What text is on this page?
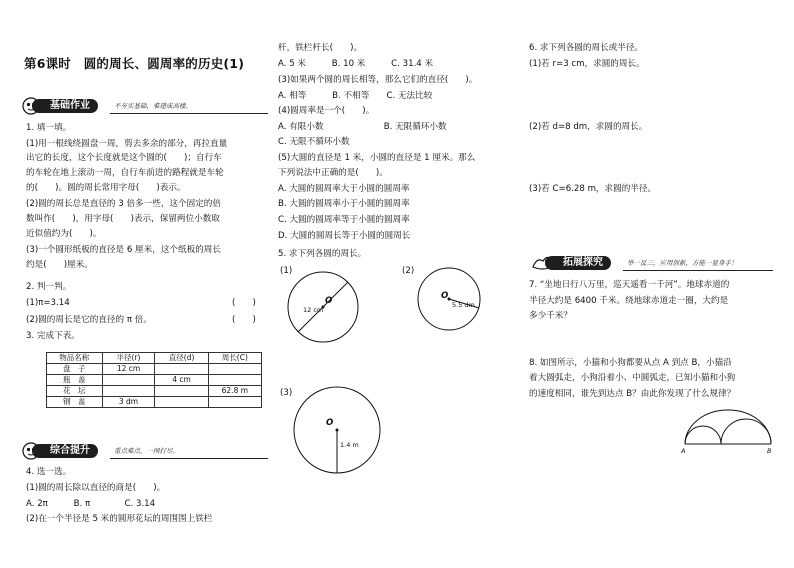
第6课时　圆的周长、圆周率的历史(1)
基础作业	不夯实基础，难建成高楼。
1. 填一填。
(1)用一根线绕圆盘一周，剪去多余的部分，再拉直量
出它的长度，这个长度就是这个圆的(　　)；自行车
的车轮在地上滚动一周，自行车前进的路程就是车轮
的(　　)。圆的周长常用字母(　　)表示。
(2)圆的周长总是直径的 3 倍多一些，这个固定的倍
数叫作(　　)，用字母(　　)表示，保留两位小数取
近似值约为(　　)。
(3)一个圆形纸板的直径是 6 厘米，这个纸板的周长
约是(　　)厘米。
2. 判一判。
(1)π=3.14	(　　)
(2)圆的周长是它的直径的 π 倍。	(　　)
3. 完成下表。
物品名称	半径(r)	直径(d)	周长(C)
盘　子	12 cm		
瓶　盖		4 cm	
花　坛			62.8 m
钢　盖	3 dm		
综合提升	重点难点，一网打尽。
4. 选一选。
(1)圆的周长除以直径的商是(　　)。
A. 2π　　　B. π　　　　C. 3.14
(2)在一个半径是 5 米的圆形花坛的周围围上铁栏
杆，铁栏杆长(　　)。
A. 5 米　　　B. 10 米　　　C. 31.4 米
(3)如果两个圆的周长相等，那么它们的直径(　　)。
A. 相等　　　B. 不相等　　C. 无法比较
(4)圆周率是一个(　　)。
A. 有限小数　　　　　　　B. 无限循环小数
C. 无限不循环小数
(5)大圆的直径是 1 米，小圆的直径是 1 厘米。那么
下列说法中正确的是(　　)。
A. 大圆的圆周率大于小圆的圆周率
B. 大圆的圆周率小于小圆的圆周率
C. 大圆的圆周率等于小圆的圆周率
D. 大圆的圆周长等于小圆的圆周长
5. 求下列各圆的周长。
(1)
O
12 cm
(2)
O
5.5 dm
(3)
O
1.4 m
6. 求下列各圆的周长或半径。
(1)若 r=3 cm，求圆的周长。
(2)若 d=8 dm，求圆的周长。
(3)若 C=6.28 m，求圆的半径。
拓展探究	举一反三，应用创新，方能一显身手！
7. “坐地日行八万里，巡天遥看一千河”。地球赤道的
半径大约是 6400 千米。绕地球赤道走一圈，大约是
多少千米？
8. 如图所示，小猫和小狗都要从点 A 到点 B，小猫沿
着大圆弧走，小狗沿着小、中圆弧走，已知小猫和小狗
的速度相同，谁先到达点 B？由此你发现了什么规律？
A	B
